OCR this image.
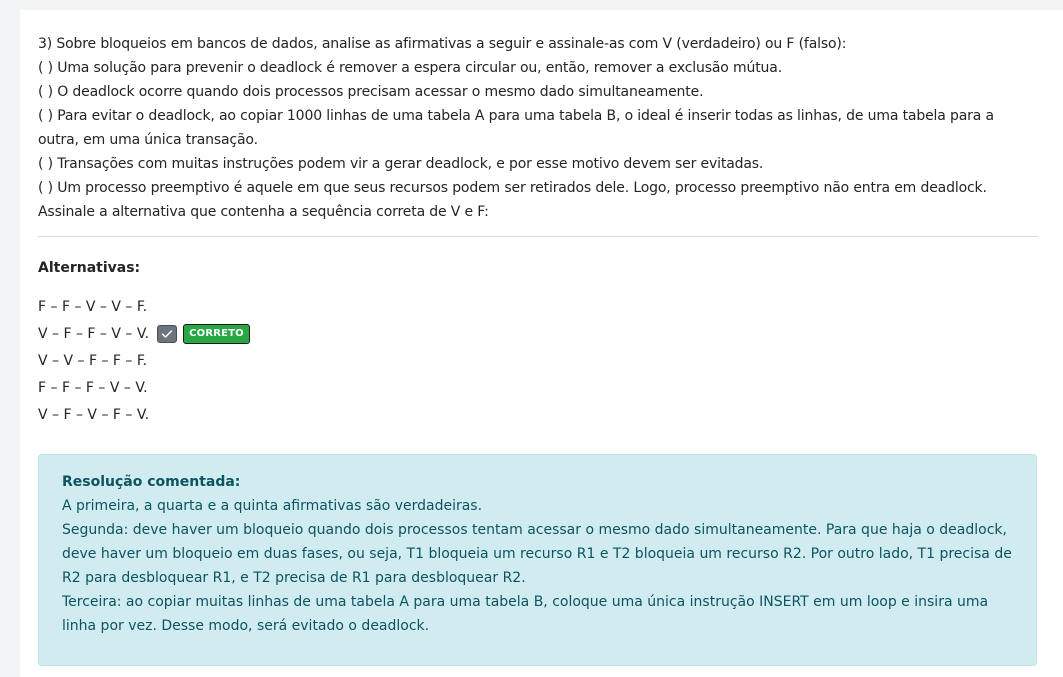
3) Sobre bloqueios em bancos de dados, analise as afirmativas a seguir e assinale-as com V (verdadeiro) ou F (falso):
( ) Uma solução para prevenir o deadlock é remover a espera circular ou, então, remover a exclusão mútua.
( ) O deadlock ocorre quando dois processos precisam acessar o mesmo dado simultaneamente.
( ) Para evitar o deadlock, ao copiar 1000 linhas de uma tabela A para uma tabela B, o ideal é inserir todas as linhas, de uma tabela para a
outra, em uma única transação.
( ) Transações com muitas instruções podem vir a gerar deadlock, e por esse motivo devem ser evitadas.
( ) Um processo preemptivo é aquele em que seus recursos podem ser retirados dele. Logo, processo preemptivo não entra em deadlock.
Assinale a alternativa que contenha a sequência correta de V e F:
Alternativas:
F – F – V – V – F.
V – F – F – V – V.	CORRETO
V – V – F – F – F.
F – F – F – V – V.
V – F – V – F – V.
Resolução comentada:
A primeira, a quarta e a quinta afirmativas são verdadeiras.
Segunda: deve haver um bloqueio quando dois processos tentam acessar o mesmo dado simultaneamente. Para que haja o deadlock,
deve haver um bloqueio em duas fases, ou seja, T1 bloqueia um recurso R1 e T2 bloqueia um recurso R2. Por outro lado, T1 precisa de
R2 para desbloquear R1, e T2 precisa de R1 para desbloquear R2.
Terceira: ao copiar muitas linhas de uma tabela A para uma tabela B, coloque uma única instrução INSERT em um loop e insira uma
linha por vez. Desse modo, será evitado o deadlock.
